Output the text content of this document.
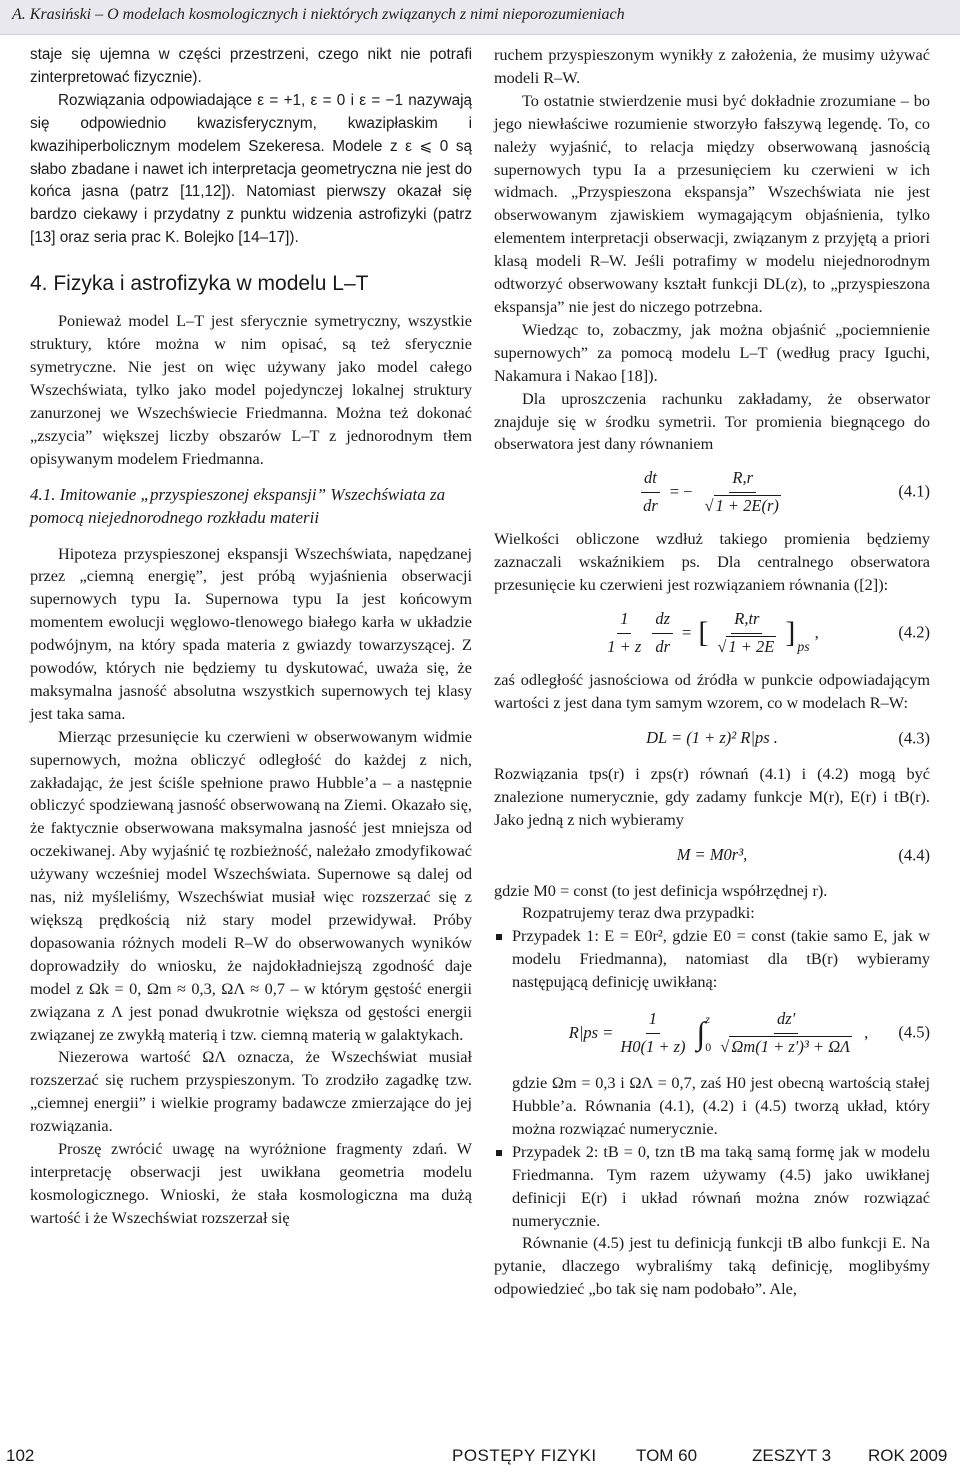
A. Krasiński – O modelach kosmologicznych i niektórych związanych z nimi nieporozumieniach

staje się ujemna w części przestrzeni, czego nikt nie potrafi zinterpretować fizycznie).

Rozwiązania odpowiadające ε = +1, ε = 0 i ε = −1 nazywają się odpowiednio kwazisferycznym, kwazipłaskim i kwazihiperbolicznym modelem Szekeresa. Modele z ε ⩽ 0 są słabo zbadane i nawet ich interpretacja geometryczna nie jest do końca jasna (patrz [11,12]). Natomiast pierwszy okazał się bardzo ciekawy i przydatny z punktu widzenia astrofizyki (patrz [13] oraz seria prac K. Bolejko [14–17]).

4. Fizyka i astrofizyka w modelu L–T

Ponieważ model L–T jest sferycznie symetryczny, wszystkie struktury, które można w nim opisać, są też sferycznie symetryczne. Nie jest on więc używany jako model całego Wszechświata, tylko jako model pojedynczej lokalnej struktury zanurzonej we Wszechświecie Friedmanna. Można też dokonać „zszycia” większej liczby obszarów L–T z jednorodnym tłem opisywanym modelem Friedmanna.

4.1. Imitowanie „przyspieszonej ekspansji” Wszechświata za pomocą niejednorodnego rozkładu materii

Hipoteza przyspieszonej ekspansji Wszechświata, napędzanej przez „ciemną energię”, jest próbą wyjaśnienia obserwacji supernowych typu Ia. Supernowa typu Ia jest końcowym momentem ewolucji węglowo-tlenowego białego karła w układzie podwójnym, na który spada materia z gwiazdy towarzyszącej. Z powodów, których nie będziemy tu dyskutować, uważa się, że maksymalna jasność absolutna wszystkich supernowych tej klasy jest taka sama.

Mierząc przesunięcie ku czerwieni w obserwowanym widmie supernowych, można obliczyć odległość do każdej z nich, zakładając, że jest ściśle spełnione prawo Hubble’a – a następnie obliczyć spodziewaną jasność obserwowaną na Ziemi. Okazało się, że faktycznie obserwowana maksymalna jasność jest mniejsza od oczekiwanej. Aby wyjaśnić tę rozbieżność, należało zmodyfikować używany wcześniej model Wszechświata. Supernowe są dalej od nas, niż myśleliśmy, Wszechświat musiał więc rozszerzać się z większą prędkością niż stary model przewidywał. Próby dopasowania różnych modeli R–W do obserwowanych wyników doprowadziły do wniosku, że najdokładniejszą zgodność daje model z Ωk = 0, Ωm ≈ 0,3, ΩΛ ≈ 0,7 – w którym gęstość energii związana z Λ jest ponad dwukrotnie większa od gęstości energii związanej ze zwykłą materią i tzw. ciemną materią w galaktykach.

Niezerowa wartość ΩΛ oznacza, że Wszechświat musiał rozszerzać się ruchem przyspieszonym. To zrodziło zagadkę tzw. „ciemnej energii” i wielkie programy badawcze zmierzające do jej rozwiązania.

Proszę zwrócić uwagę na wyróżnione fragmenty zdań. W interpretację obserwacji jest uwikłana geometria modelu kosmologicznego. Wnioski, że stała kosmologiczna ma dużą wartość i że Wszechświat rozszerzał się

ruchem przyspieszonym wynikły z założenia, że musimy używać modeli R–W.

To ostatnie stwierdzenie musi być dokładnie zrozumiane – bo jego niewłaściwe rozumienie stworzyło fałszywą legendę. To, co należy wyjaśnić, to relacja między obserwowaną jasnością supernowych typu Ia a przesunięciem ku czerwieni w ich widmach. „Przyspieszona ekspansja” Wszechświata nie jest obserwowanym zjawiskiem wymagającym objaśnienia, tylko elementem interpretacji obserwacji, związanym z przyjętą a priori klasą modeli R–W. Jeśli potrafimy w modelu niejednorodnym odtworzyć obserwowany kształt funkcji DL(z), to „przyspieszona ekspansja” nie jest do niczego potrzebna.

Wiedząc to, zobaczmy, jak można objaśnić „pociemnienie supernowych” za pomocą modelu L–T (według pracy Iguchi, Nakamura i Nakao [18]).

Dla uproszczenia rachunku zakładamy, że obserwator znajduje się w środku symetrii. Tor promienia biegnącego do obserwatora jest dany równaniem

$\frac{dt}{dr}$ = − $\frac{R,r}{√ 1 + 2E(r)}$	(4.1)

Wielkości obliczone wzdłuż takiego promienia będziemy zaznaczali wskaźnikiem ps. Dla centralnego obserwatora przesunięcie ku czerwieni jest rozwiązaniem równania ([2]):

$\frac{1}{1 + z} \frac{dz}{dr}$ = [ $\frac{R,tr}{√ 1 + 2E} ]_{ps}$
,	(4.2)

zaś odległość jasnościowa od źródła w punkcie odpowiadającym wartości z jest dana tym samym wzorem, co w modelach R–W:

DL = (1 + z)² R|ps .	(4.3)

Rozwiązania tps(r) i zps(r) równań (4.1) i (4.2) mogą być znalezione numerycznie, gdy zadamy funkcje M(r), E(r) i tB(r). Jako jedną z nich wybieramy

M = M0r³,	(4.4)

gdzie M0 = const (to jest definicja współrzędnej r).

Rozpatrujemy teraz dwa przypadki:

Przypadek 1: E = E0r², gdzie E0 = const (takie samo E, jak w modelu Friedmanna), natomiast dla tB(r) wybieramy następującą definicję uwikłaną:
$R|ps = \frac{1}{H0(1 + z)}$ ∫ z
$0 \frac{dz'}{\text{√ Ωm(1 + z′)³ + ΩΛ}}$ , (4.5)
gdzie Ωm = 0,3 i ΩΛ = 0,7, zaś H0 jest obecną wartością stałej Hubble’a. Równania (4.1), (4.2) i (4.5) tworzą układ, który można rozwiązać numerycznie.
Przypadek 2: tB = 0, tzn tB ma taką samą formę jak w modelu Friedmanna. Tym razem używamy (4.5) jako uwikłanej definicji E(r) i układ równań można znów rozwiązać numerycznie.

Równanie (4.5) jest tu definicją funkcji tB albo funkcji E. Na pytanie, dlaczego wybraliśmy taką definicję, moglibyśmy odpowiedzieć „bo tak się nam podobało”. Ale,

102	POSTĘPY FIZYKI TOM 60	ZESZYT 3 ROK 2009
